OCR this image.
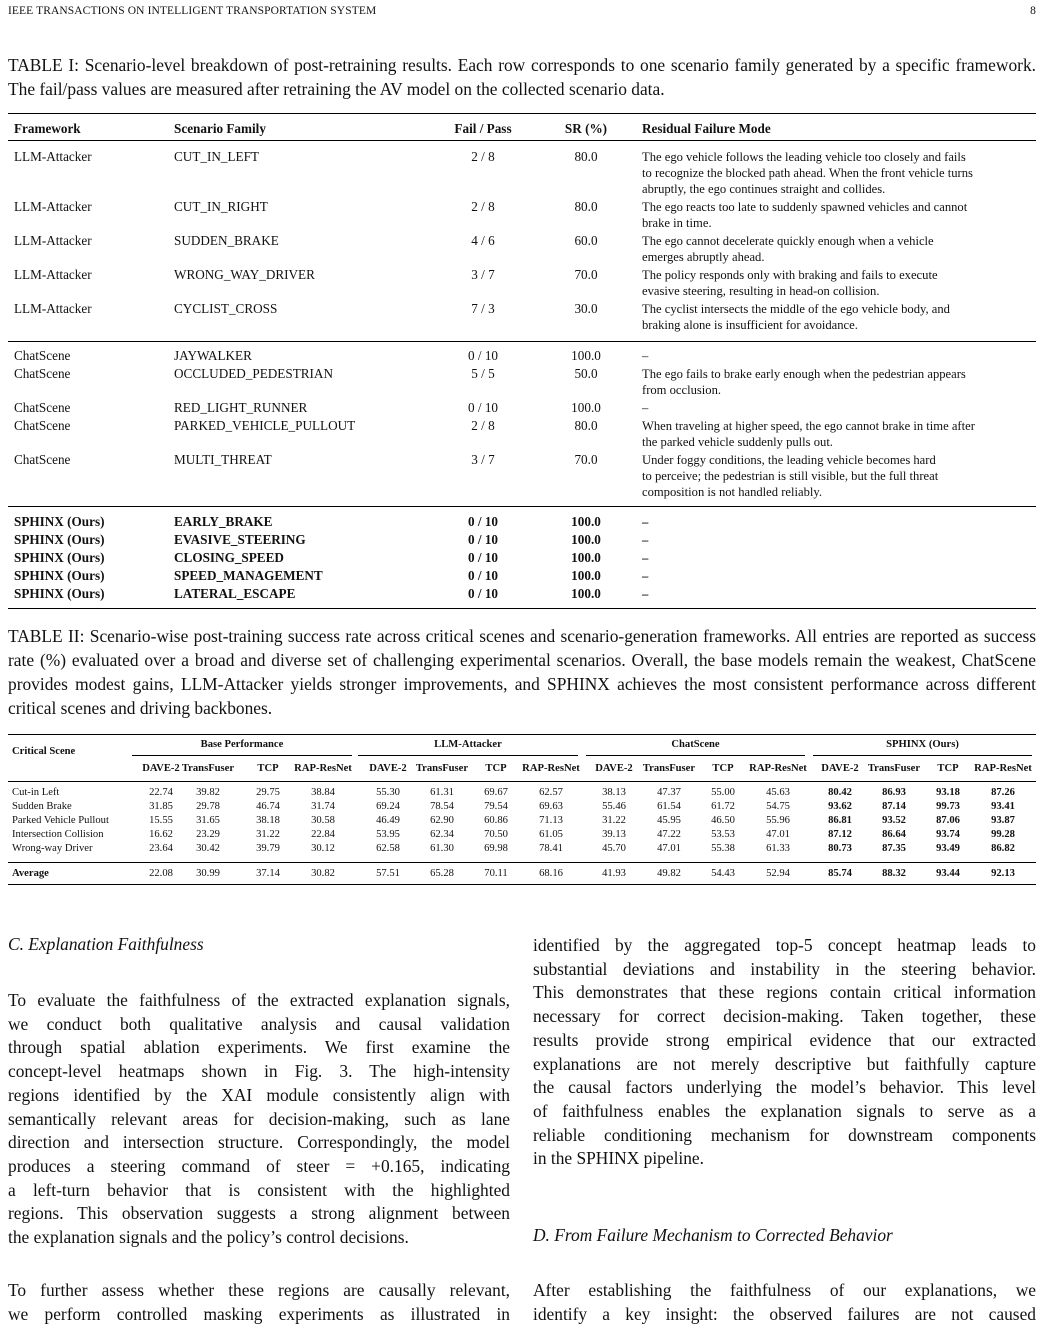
IEEE TRANSACTIONS ON INTELLIGENT TRANSPORTATION SYSTEM	8
TABLE I: Scenario-level breakdown of post-retraining results. Each row corresponds to one scenario family generated by a specific framework. The fail/pass values are measured after retraining the AV model on the collected scenario data.
Framework	Scenario Family	Fail / Pass	SR (%)	Residual Failure Mode
LLM-Attacker	CUT_IN_LEFT	2 / 8	80.0	The ego vehicle follows the leading vehicle too closely and fails
to recognize the blocked path ahead. When the front vehicle turns
abruptly, the ego continues straight and collides.
LLM-Attacker	CUT_IN_RIGHT	2 / 8	80.0	The ego reacts too late to suddenly spawned vehicles and cannot
brake in time.
LLM-Attacker	SUDDEN_BRAKE	4 / 6	60.0	The ego cannot decelerate quickly enough when a vehicle
emerges abruptly ahead.
LLM-Attacker	WRONG_WAY_DRIVER	3 / 7	70.0	The policy responds only with braking and fails to execute
evasive steering, resulting in head-on collision.
LLM-Attacker	CYCLIST_CROSS	7 / 3	30.0	The cyclist intersects the middle of the ego vehicle body, and
braking alone is insufficient for avoidance.
ChatScene	JAYWALKER	0 / 10	100.0	–
ChatScene	OCCLUDED_PEDESTRIAN	5 / 5	50.0	The ego fails to brake early enough when the pedestrian appears
from occlusion.
ChatScene	RED_LIGHT_RUNNER	0 / 10	100.0	–
ChatScene	PARKED_VEHICLE_PULLOUT	2 / 8	80.0	When traveling at higher speed, the ego cannot brake in time after
the parked vehicle suddenly pulls out.
ChatScene	MULTI_THREAT	3 / 7	70.0	Under foggy conditions, the leading vehicle becomes hard
to perceive; the pedestrian is still visible, but the full threat
composition is not handled reliably.
SPHINX (Ours)	EARLY_BRAKE	0 / 10	100.0	–
SPHINX (Ours)	EVASIVE_STEERING	0 / 10	100.0	–
SPHINX (Ours)	CLOSING_SPEED	0 / 10	100.0	–
SPHINX (Ours)	SPEED_MANAGEMENT	0 / 10	100.0	–
SPHINX (Ours)	LATERAL_ESCAPE	0 / 10	100.0	–
TABLE II: Scenario-wise post-training success rate across critical scenes and scenario-generation frameworks. All entries are reported as success rate (%) evaluated over a broad and diverse set of challenging experimental scenarios. Overall, the base models remain the weakest, ChatScene provides modest gains, LLM-Attacker yields stronger improvements, and SPHINX achieves the most consistent performance across different critical scenes and driving backbones.
Critical Scene
Base Performance	LLM-Attacker	ChatScene	SPHINX (Ours)
DAVE-2 TransFuser	TCP	RAP-ResNet	DAVE-2 TransFuser	TCP	RAP-ResNet	DAVE-2 TransFuser	TCP	RAP-ResNet	DAVE-2 TransFuser	TCP	RAP-ResNet
Cut-in Left	22.74	39.82	29.75	38.84	55.30	61.31	69.67	62.57	38.13	47.37	55.00	45.63	80.42	86.93	93.18	87.26
Sudden Brake	31.85	29.78	46.74	31.74	69.24	78.54	79.54	69.63	55.46	61.54	61.72	54.75	93.62	87.14	99.73	93.41
Parked Vehicle Pullout	15.55	31.65	38.18	30.58	46.49	62.90	60.86	71.13	31.22	45.95	46.50	55.96	86.81	93.52	87.06	93.87
Intersection Collision	16.62	23.29	31.22	22.84	53.95	62.34	70.50	61.05	39.13	47.22	53.53	47.01	87.12	86.64	93.74	99.28
Wrong-way Driver	23.64	30.42	39.79	30.12	62.58	61.30	69.98	78.41	45.70	47.01	55.38	61.33	80.73	87.35	93.49	86.82
Average	22.08	30.99	37.14	30.82	57.51	65.28	70.11	68.16	41.93	49.82	54.43	52.94	85.74	88.32	93.44	92.13
C. Explanation Faithfulness
To evaluate the faithfulness of the extracted explanation signals,
we conduct both qualitative analysis and causal validation
through spatial ablation experiments. We first examine the
concept-level heatmaps shown in Fig. 3. The high-intensity
regions identified by the XAI module consistently align with
semantically relevant areas for decision-making, such as lane
direction and intersection structure. Correspondingly, the model
produces a steering command of steer = +0.165, indicating
a left-turn behavior that is consistent with the highlighted
regions. This observation suggests a strong alignment between
the explanation signals and the policy’s control decisions.
To further assess whether these regions are causally relevant,
we perform controlled masking experiments as illustrated in
identified by the aggregated top-5 concept heatmap leads to
substantial deviations and instability in the steering behavior.
This demonstrates that these regions contain critical information
necessary for correct decision-making. Taken together, these
results provide strong empirical evidence that our extracted
explanations are not merely descriptive but faithfully capture
the causal factors underlying the model’s behavior. This level
of faithfulness enables the explanation signals to serve as a
reliable conditioning mechanism for downstream components
in the SPHINX pipeline.
D. From Failure Mechanism to Corrected Behavior
After establishing the faithfulness of our explanations, we
identify a key insight: the observed failures are not caused
